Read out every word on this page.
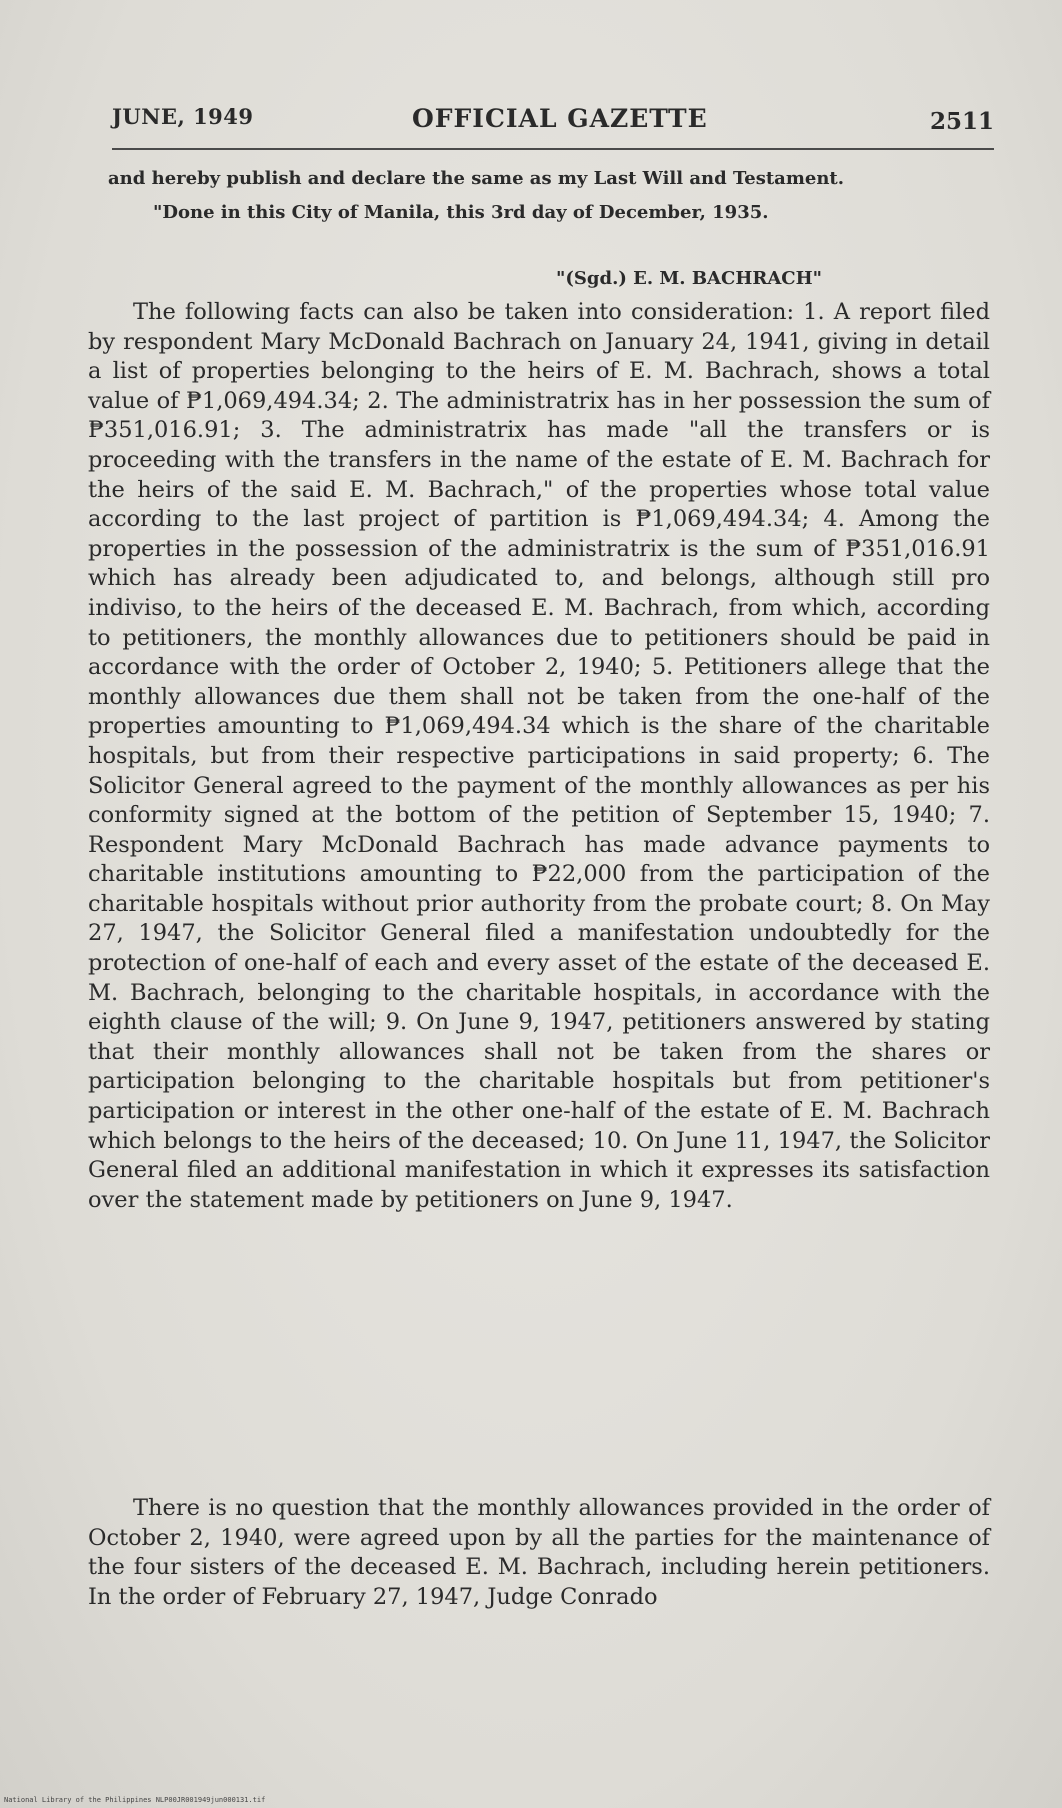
JUNE, 1949	OFFICIAL GAZETTE	2511
and hereby publish and declare the same as my Last Will and Testament.
"Done in this City of Manila, this 3rd day of December, 1935.
"(Sgd.) E. M. BACHRACH"

The following facts can also be taken into consideration: 1. A report filed by respondent Mary McDonald Bachrach on January 24, 1941, giving in detail a list of properties belonging to the heirs of E. M. Bachrach, shows a total value of ₱1,069,494.34; 2. The administratrix has in her possession the sum of ₱351,016.91; 3. The administratrix has made "all the transfers or is proceeding with the transfers in the name of the estate of E. M. Bachrach for the heirs of the said E. M. Bachrach," of the properties whose total value according to the last project of partition is ₱1,069,494.34; 4. Among the properties in the possession of the administratrix is the sum of ₱351,016.91 which has already been adjudicated to, and belongs, although still pro indiviso, to the heirs of the deceased E. M. Bachrach, from which, according to petitioners, the monthly allowances due to petitioners should be paid in accordance with the order of October 2, 1940; 5. Petitioners allege that the monthly allowances due them shall not be taken from the one-half of the properties amounting to ₱1,069,494.34 which is the share of the charitable hospitals, but from their respective participations in said property; 6. The Solicitor General agreed to the payment of the monthly allowances as per his conformity signed at the bottom of the petition of September 15, 1940; 7. Respondent Mary McDonald Bachrach has made advance payments to charitable institutions amounting to ₱22,000 from the participation of the charitable hospitals without prior authority from the probate court; 8. On May 27, 1947, the Solicitor General filed a manifestation undoubtedly for the protection of one-half of each and every asset of the estate of the deceased E. M. Bachrach, belonging to the charitable hospitals, in accordance with the eighth clause of the will; 9. On June 9, 1947, petitioners answered by stating that their monthly allowances shall not be taken from the shares or participation belonging to the charitable hospitals but from petitioner's participation or interest in the other one-half of the estate of E. M. Bachrach which belongs to the heirs of the deceased; 10. On June 11, 1947, the Solicitor General filed an additional manifestation in which it expresses its satisfaction over the statement made by petitioners on June 9, 1947.

There is no question that the monthly allowances provided in the order of October 2, 1940, were agreed upon by all the parties for the maintenance of the four sisters of the deceased E. M. Bachrach, including herein petitioners. In the order of February 27, 1947, Judge Conrado

National Library of the Philippines NLP00JR001949jun000131.tif
